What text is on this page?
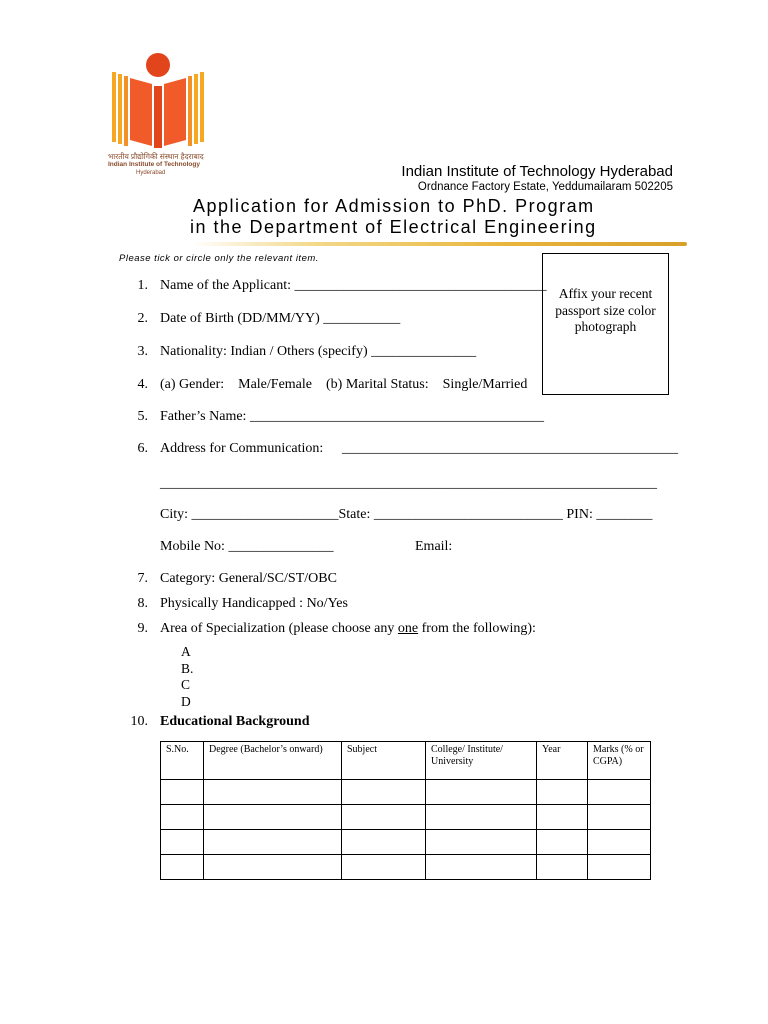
भारतीय प्रौद्योगिकी संस्थान हैदराबाद
Indian Institute of Technology
Hyderabad	Indian Institute of Technology Hyderabad
Ordnance Factory Estate, Yeddumailaram 502205
Application for Admission to PhD. Program
in the Department of Electrical Engineering
Please tick or circle only the relevant item.
Affix your recent passport size color photograph
1. Name of the Applicant: ____________________________________
2. Date of Birth (DD/MM/YY) ___________
3. Nationality: Indian / Others (specify) _______________
4. (a) Gender:    Male/Female    (b) Marital Status:    Single/Married
5. Father’s Name: __________________________________________
6. Address for Communication: ________________________________________________
_______________________________________________________________________
City: _____________________State: ___________________________ PIN: ________
Mobile No: _______________	Email:
7. Category: General/SC/ST/OBC
8. Physically Handicapped : No/Yes
9. Area of Specialization (please choose any one from the following):
A
B.
C
D
10. Educational Background
S.No.	Degree (Bachelor’s onward)	Subject	College/ Institute/ University	Year	Marks (% or CGPA)
